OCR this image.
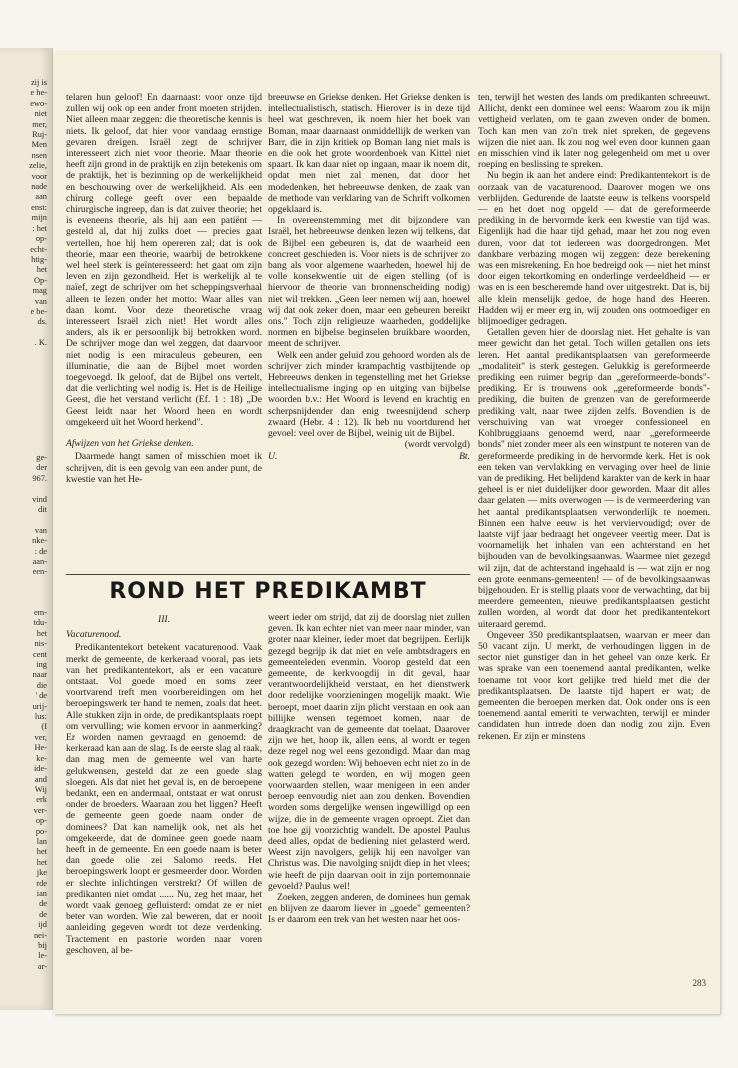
zij is
e he-
ewo-
niet
mer,
Ruj-
Men
nsen
zelie,
voor
nade
aan
enst:
mijn
: het
op-
echt-
htig-
het
Op-
mag
van
e be-
ds.

. K.
ge-
der
967.

vind
dit

van
nke-
: de
aan-
een-
em-
tdu-
het
nis-
cent
ing
naar
die
' de
urij-
lus:
(I
ver,
He-
ke-
ide-
and
Wij
erk
ver-
op-
po-
lan
het
het
jke
rde
ian
de
de
ijd
nei-
bij
le-
ar-

telaren hun geloof! En daarnaast: voor onze tijd zullen wij ook op een ander front moeten strijden. Niet alleen maar zeggen: die theoretische kennis is niets. Ik geloof, dat hier voor vandaag ernstige gevaren dreigen. Israël zegt de schrijver interesseert zich niet voor theorie. Maar theorie heeft zijn grond in de praktijk en zijn betekenis om de praktijk, het is bezinning op de werkelijkheid en beschouwing over de werkelijkheid. Als een chirurg college geeft over een bepaalde chirurgische ingreep, dan is dat zuiver theorie; het is eveneens theorie, als hij aan een patiënt — gesteld al, dat hij zulks doet — precies gaat vertellen, hoe hij hem opereren zal; dat is ook theorie, maar een theorie, waarbij de betrokkene wel heel sterk is geïnteresseerd: het gaat om zijn leven en zijn gezondheid. Het is werkelijk al te naïef, zegt de schrijver om het scheppingsverhaal alleen te lezen onder het motto: Waar alles van daan komt. Voor deze theoretische vraag interesseert Israël zich niet! Het wordt alles anders, als ik er persoonlijk bij betrokken word. De schrijver moge dan wel zeggen, dat daarvoor niet nodig is een miraculeus gebeuren, een illuminatie, die aan de Bijbel moet worden toegevoegd. Ik geloof, dat de Bijbel ons vertelt, dat die verlichting wel nodig is. Het is de Heilige Geest, die het verstand verlicht (Ef. 1 : 18) „De Geest leidt naar het Woord heen en wordt omgekeerd uit het Woord herkend".

Afwijzen van het Griekse denken.

Daarmede hangt samen of misschien moet ik schrijven, dit is een gevolg van een ander punt, de kwestie van het He-

breeuwse en Griekse denken. Het Griekse denken is intellectualistisch, statisch. Hierover is in deze tijd heel wat geschreven, ik noem hier het boek van Boman, maar daarnaast onmiddellijk de werken van Barr, die in zijn kritiek op Boman lang niet mals is en die ook het grote woordenboek van Kittel niet spaart. Ik kan daar niet op ingaan, maar ik noem dit, opdat men niet zal menen, dat door het modedenken, het hebreeuwse denken, de zaak van de methode van verklaring van de Schrift volkomen opgeklaard is.

In overeenstemming met dit bijzondere van Israël, het hebreeuwse denken lezen wij telkens, dat de Bijbel een gebeuren is, dat de waarheid een concreet geschieden is. Voor niets is de schrijver zo bang als voor algemene waarheden, hoewel hij de volle konsekwentie uit de eigen stelling (of is hiervoor de theorie van bronnenscheiding nodig) niet wil trekken. „Geen leer nemen wij aan, hoewel wij dat ook zeker doen, maar een gebeuren bereikt ons." Toch zijn religieuze waarheden, goddelijke normen en bijbelse beginselen bruikbare woorden, meent de schrijver.

Welk een ander geluid zou gehoord worden als de schrijver zich minder krampachtig vastbijtende op Hebreeuws denken in tegenstelling met het Griekse intellectualisme inging op en uitging van bijbelse woorden b.v.: Het Woord is levend en krachtig en scherpsnijdender dan enig tweesnijdend scherp zwaard (Hebr. 4 : 12). Ik heb nu voortdurend het gevoel: veel over de Bijbel, weinig uit de Bijbel.

(wordt vervolgd)

U.	Bt.
ROND HET PREDIKAMBT

III.

Vacaturenood.

Predikantentekort betekent vacaturenood. Vaak merkt de gemeente, de kerkeraad vooral, pas iets van het predikantentekort, als er een vacature ontstaat. Vol goede moed en soms zeer voortvarend treft men voorbereidingen om het beroepingswerk ter hand te nemen, zoals dat heet. Alle stukken zijn in orde, de predikantsplaats roept om vervulling; wie komen ervoor in aanmerking? Er worden namen gevraagd en genoemd: de kerkeraad kan aan de slag. Is de eerste slag al raak, dan mag men de gemeente wel van harte gelukwensen, gesteld dat ze een goede slag sloegen. Als dat niet het geval is, en de beroepene bedankt, een en andermaal, ontstaat er wat onrust onder de broeders. Waaraan zou het liggen? Heeft de gemeente geen goede naam onder de dominees? Dat kan namelijk ook, net als het omgekeerde, dat de dominee geen goede naam heeft in de gemeente. En een goede naam is beter dan goede olie zei Salomo reeds. Het beroepingswerk loopt er gesmeerder door. Worden er slechte inlichtingen verstrekt? Of willen de predikanten niet omdat ...... Nu, zeg het maar, het wordt vaak genoeg gefluisterd: omdat ze er niet beter van worden. Wie zal beweren, dat er nooit aanleiding gegeven wordt tot deze verdenking. Tractement en pastorie worden naar voren geschoven, al be-

weert ieder om strijd, dat zij de doorslag niet zullen geven. Ik kan echter niet van meer naar minder, van groter naar kleiner, ieder moet dat begrijpen. Eerlijk gezegd begrijp ik dat niet en vele ambtsdragers en gemeenteleden evenmin. Voorop gesteld dat een gemeente, de kerkvoogdij in dit geval, haar verantwoordelijkheid verstaat, en het dienstwerk door redelijke voorzieningen mogelijk maakt. Wie beroept, moet daarin zijn plicht verstaan en ook aan billijke wensen tegemoet komen, naar de draagkracht van de gemeente dat toelaat. Daarover zijn we het, hoop ik, allen eens, al wordt er tegen deze regel nog wel eens gezondigd. Maar dan mag ook gezegd worden: Wij behoeven echt niet zo in de watten gelegd te worden, en wij mogen geen voorwaarden stellen, waar menigeen in een ander beroep eenvoudig niet aan zou denken. Bovendien worden soms dergelijke wensen ingewilligd op een wijze, die in de gemeente vragen oproept. Ziet dan toe hoe gij voorzichtig wandelt. De apostel Paulus deed alles, opdat de bediening niet gelasterd werd. Weest zijn navolgers, gelijk hij een navolger van Christus was. Die navolging snijdt diep in het vlees; wie heeft de pijn daarvan ooit in zijn portemonnaie gevoeld? Paulus wel!

Zoeken, zeggen anderen, de dominees hun gemak en blijven ze daarom liever in „goede" gemeenten? Is er daarom een trek van het westen naar het oos-

ten, terwijl het westen des lands om predikanten schreeuwt. Allicht, denkt een dominee wel eens: Waarom zou ik mijn vettigheid verlaten, om te gaan zweven onder de bomen. Toch kan men van zo'n trek niet spreken, de gegevens wijzen die niet aan. Ik zou nog wel even door kunnen gaan en misschien vind ik later nog gelegenheid om met u over roeping en beslissing te spreken.

Nu begin ik aan het andere eind: Predikantentekort is de oorzaak van de vacaturenood. Daarover mogen we ons verblijden. Gedurende de laatste eeuw is telkens voorspeld — en het doet nog opgeld — dat de gereformeerde prediking in de hervormde kerk een kwestie van tijd was. Eigenlijk had die haar tijd gehad, maar het zou nog even duren, voor dat tot iedereen was doorgedrongen. Met dankbare verbazing mogen wij zeggen: deze berekening was een misrekening. En hoe bedreigd ook — niet het minst door eigen tekortkoming en onderlinge verdeeldheid — er was en is een bescheremde hand over uitgestrekt. Dat is, bij alle klein menselijk gedoe, de hoge hand des Heeren. Hadden wij er meer erg in, wij zouden ons ootmoediger en blijmoediger gedragen.

Getallen geven hier de doorslag niet. Het gehalte is van meer gewicht dan het getal. Toch willen getallen ons iets leren. Het aantal predikantsplaatsen van gereformeerde „modaliteit" is sterk gestegen. Gelukkig is gereformeerde prediking een ruimer begrip dan „gereformeerde-bonds"-prediking. Er is trouwens ook „gereformeerde bonds"-prediking, die buiten de grenzen van de gereformeerde prediking valt, naar twee zijden zelfs. Bovendien is de verschuiving van wat vroeger confessioneel en Kohlbruggiaans genoemd werd, naar „gereformeerde bonds" niet zonder meer als een winstpunt te noteren van de gereformeerde prediking in de hervormde kerk. Het is ook een teken van vervlakking en vervaging over heel de linie van de prediking. Het belijdend karakter van de kerk in haar geheel is er niet duidelijker door geworden. Maar dit alles daar gelaten — mits overwogen — is de vermeerdering van het aantal predikantsplaatsen verwonderlijk te noemen. Binnen een halve eeuw is het verviervoudigd; over de laatste vijf jaar bedraagt het ongeveer veertig meer. Dat is voornamelijk het inhalen van een achterstand en het bijhouden van de bevolkingsaanwas. Waarmee niet gezegd wil zijn, dat de achterstand ingehaald is — wat zijn er nog een grote eenmans-gemeenten! — of de bevolkingsaanwas bijgehouden. Er is stellig plaats voor de verwachting, dat bij meerdere gemeenten, nieuwe predikantsplaatsen gesticht zullen worden, al wordt dat door het predikantentekort uiteraard geremd.

Ongeveer 350 predikantsplaatsen, waarvan er meer dan 50 vacant zijn. U merkt, de verhoudingen liggen in de sector niet gunstiger dan in het geheel van onze kerk. Er was sprake van een toenemend aantal predikanten, welke toename tot voor kort gelijke tred hield met die der predikantsplaatsen. De laatste tijd hapert er wat; de gemeenten die beroepen merken dat. Ook onder ons is een toenemend aantal emeriti te verwachten, terwijl er minder candidaten hun intrede doen dan nodig zou zijn. Even rekenen. Er zijn er minstens

283
